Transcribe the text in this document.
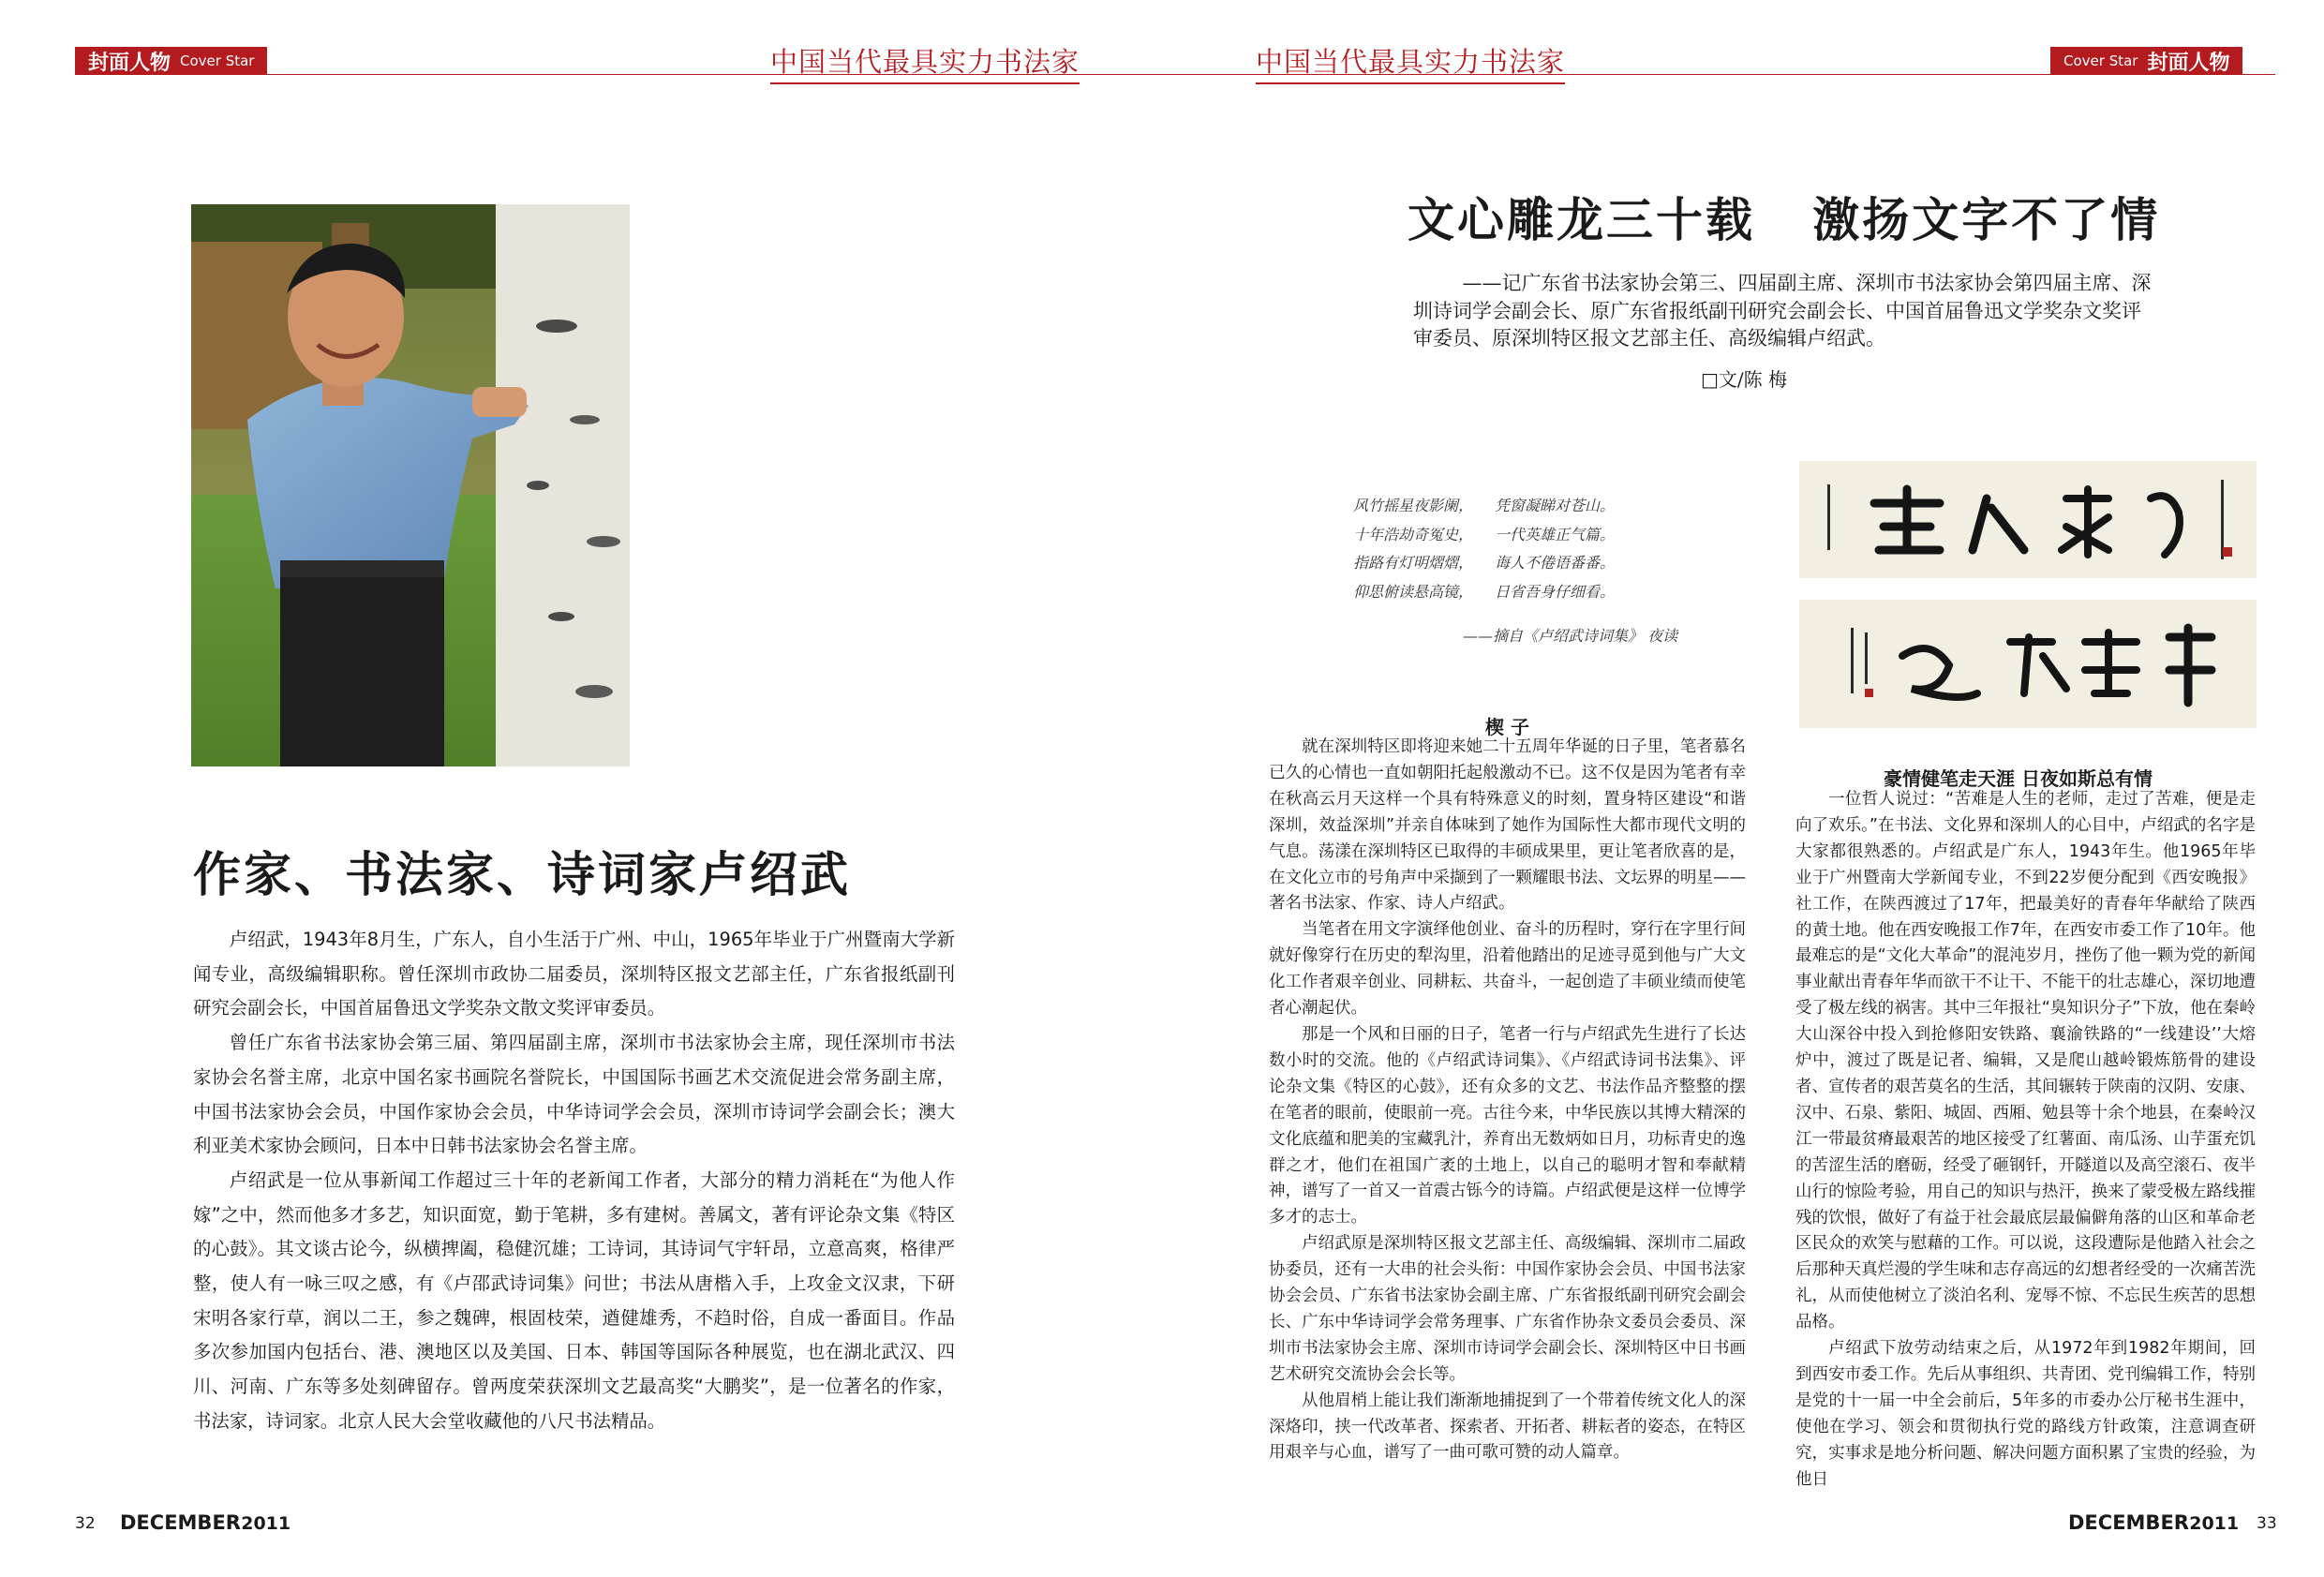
封面人物 Cover Star	中国当代最具实力书法家	中国当代最具实力书法家	Cover Star 封面人物
作家、书法家、诗词家卢绍武

卢绍武，1943年8月生，广东人，自小生活于广州、中山，1965年毕业于广州暨南大学新闻专业，高级编辑职称。曾任深圳市政协二届委员，深圳特区报文艺部主任，广东省报纸副刊研究会副会长，中国首届鲁迅文学奖杂文散文奖评审委员。

曾任广东省书法家协会第三届、第四届副主席，深圳市书法家协会主席，现任深圳市书法家协会名誉主席，北京中国名家书画院名誉院长，中国国际书画艺术交流促进会常务副主席，中国书法家协会会员，中国作家协会会员，中华诗词学会会员，深圳市诗词学会副会长；澳大利亚美术家协会顾问，日本中日韩书法家协会名誉主席。

卢绍武是一位从事新闻工作超过三十年的老新闻工作者，大部分的精力消耗在“为他人作嫁”之中，然而他多才多艺，知识面宽，勤于笔耕，多有建树。善属文，著有评论杂文集《特区的心鼓》。其文谈古论今，纵横捭阖，稳健沉雄；工诗词，其诗词气宇轩昂，立意高爽，格律严整，使人有一咏三叹之感，有《卢邵武诗词集》问世；书法从唐楷入手，上攻金文汉隶，下研宋明各家行草，润以二王，参之魏碑，根固枝荣，遒健雄秀，不趋时俗，自成一番面目。作品多次参加国内包括台、港、澳地区以及美国、日本、韩国等国际各种展览，也在湖北武汉、四川、河南、广东等多处刻碑留存。曾两度荣获深圳文艺最高奖“大鹏奖”，是一位著名的作家，书法家，诗词家。北京人民大会堂收藏他的八尺书法精品。

32 DECEMBER
.2011
文心雕龙三十载   激扬文字不了情

——记广东省书法家协会第三、四届副主席、深圳市书法家协会第四届主席、深圳诗词学会副会长、原广东省报纸副刊研究会副会长、中国首届鲁迅文学奖杂文奖评审委员、原深圳特区报文艺部主任、高级编辑卢绍武。

□文/陈 梅
风竹摇星夜影阑，	凭窗凝睇对苍山。
十年浩劫奇冤史，	一代英雄正气篇。
指路有灯明熠熠，	诲人不倦语番番。
仰思俯读悬高镜，	日省吾身仔细看。
——摘自《卢绍武诗词集》 夜读
楔 子

就在深圳特区即将迎来她二十五周年华诞的日子里，笔者慕名已久的心情也一直如朝阳托起般激动不已。这不仅是因为笔者有幸在秋高云月天这样一个具有特殊意义的时刻，置身特区建设“和谐深圳，效益深圳”并亲自体味到了她作为国际性大都市现代文明的气息。荡漾在深圳特区已取得的丰硕成果里，更让笔者欣喜的是，在文化立市的号角声中采撷到了一颗耀眼书法、文坛界的明星——著名书法家、作家、诗人卢绍武。

当笔者在用文字演绎他创业、奋斗的历程时，穿行在字里行间就好像穿行在历史的犁沟里，沿着他踏出的足迹寻觅到他与广大文化工作者艰辛创业、同耕耘、共奋斗，一起创造了丰硕业绩而使笔者心潮起伏。

那是一个风和日丽的日子，笔者一行与卢绍武先生进行了长达数小时的交流。他的《卢绍武诗词集》、《卢绍武诗词书法集》、评论杂文集《特区的心鼓》，还有众多的文艺、书法作品齐整整的摆在笔者的眼前，使眼前一亮。古往今来，中华民族以其博大精深的文化底蕴和肥美的宝藏乳汁，养育出无数炳如日月，功标青史的逸群之才，他们在祖国广袤的土地上，以自己的聪明才智和奉献精神，谱写了一首又一首震古铄今的诗篇。卢绍武便是这样一位博学多才的志士。

卢绍武原是深圳特区报文艺部主任、高级编辑、深圳市二届政协委员，还有一大串的社会头衔：中国作家协会会员、中国书法家协会会员、广东省书法家协会副主席、广东省报纸副刊研究会副会长、广东中华诗词学会常务理事、广东省作协杂文委员会委员、深圳市书法家协会主席、深圳市诗词学会副会长、深圳特区中日书画艺术研究交流协会会长等。

从他眉梢上能让我们渐渐地捕捉到了一个带着传统文化人的深深烙印，挟一代改革者、探索者、开拓者、耕耘者的姿态，在特区用艰辛与心血，谱写了一曲可歌可赞的动人篇章。

豪情健笔走天涯 日夜如斯总有情

一位哲人说过：“苦难是人生的老师，走过了苦难，便是走向了欢乐。”在书法、文化界和深圳人的心目中，卢绍武的名字是大家都很熟悉的。卢绍武是广东人，1943年生。他1965年毕业于广州暨南大学新闻专业，不到22岁便分配到《西安晚报》社工作，在陕西渡过了17年，把最美好的青春年华献给了陕西的黄土地。他在西安晚报工作7年，在西安市委工作了10年。他最难忘的是“文化大革命”的混沌岁月，挫伤了他一颗为党的新闻事业献出青春年华而欲干不让干、不能干的壮志雄心，深切地遭受了极左线的祸害。其中三年报社“臭知识分子”下放，他在秦岭大山深谷中投入到抢修阳安铁路、襄渝铁路的“一线建设’’大熔炉中，渡过了既是记者、编辑，又是爬山越岭锻炼筋骨的建设者、宣传者的艰苦莫名的生活，其间辗转于陕南的汉阴、安康、汉中、石泉、紫阳、城固、西厢、勉县等十余个地县，在秦岭汉江一带最贫瘠最艰苦的地区接受了红薯面、南瓜汤、山芋蛋充饥的苦涩生活的磨砺，经受了砸钢钎，开隧道以及高空滚石、夜半山行的惊险考验，用自己的知识与热汗，换来了蒙受极左路线摧残的饮恨，做好了有益于社会最底层最偏僻角落的山区和革命老区民众的欢笑与慰藉的工作。可以说，这段遭际是他踏入社会之后那种天真烂漫的学生味和志存高远的幻想者经受的一次痛苦洗礼，从而使他树立了淡泊名利、宠辱不惊、不忘民生疾苦的思想品格。

卢绍武下放劳动结束之后，从1972年到1982年期间，回到西安市委工作。先后从事组织、共青团、党刊编辑工作，特别是党的十一届一中全会前后，5年多的市委办公厅秘书生涯中，使他在学习、领会和贯彻执行党的路线方针政策，注意调查研究，实事求是地分析问题、解决问题方面积累了宝贵的经验，为他日

DECEMBER
.2011 33
